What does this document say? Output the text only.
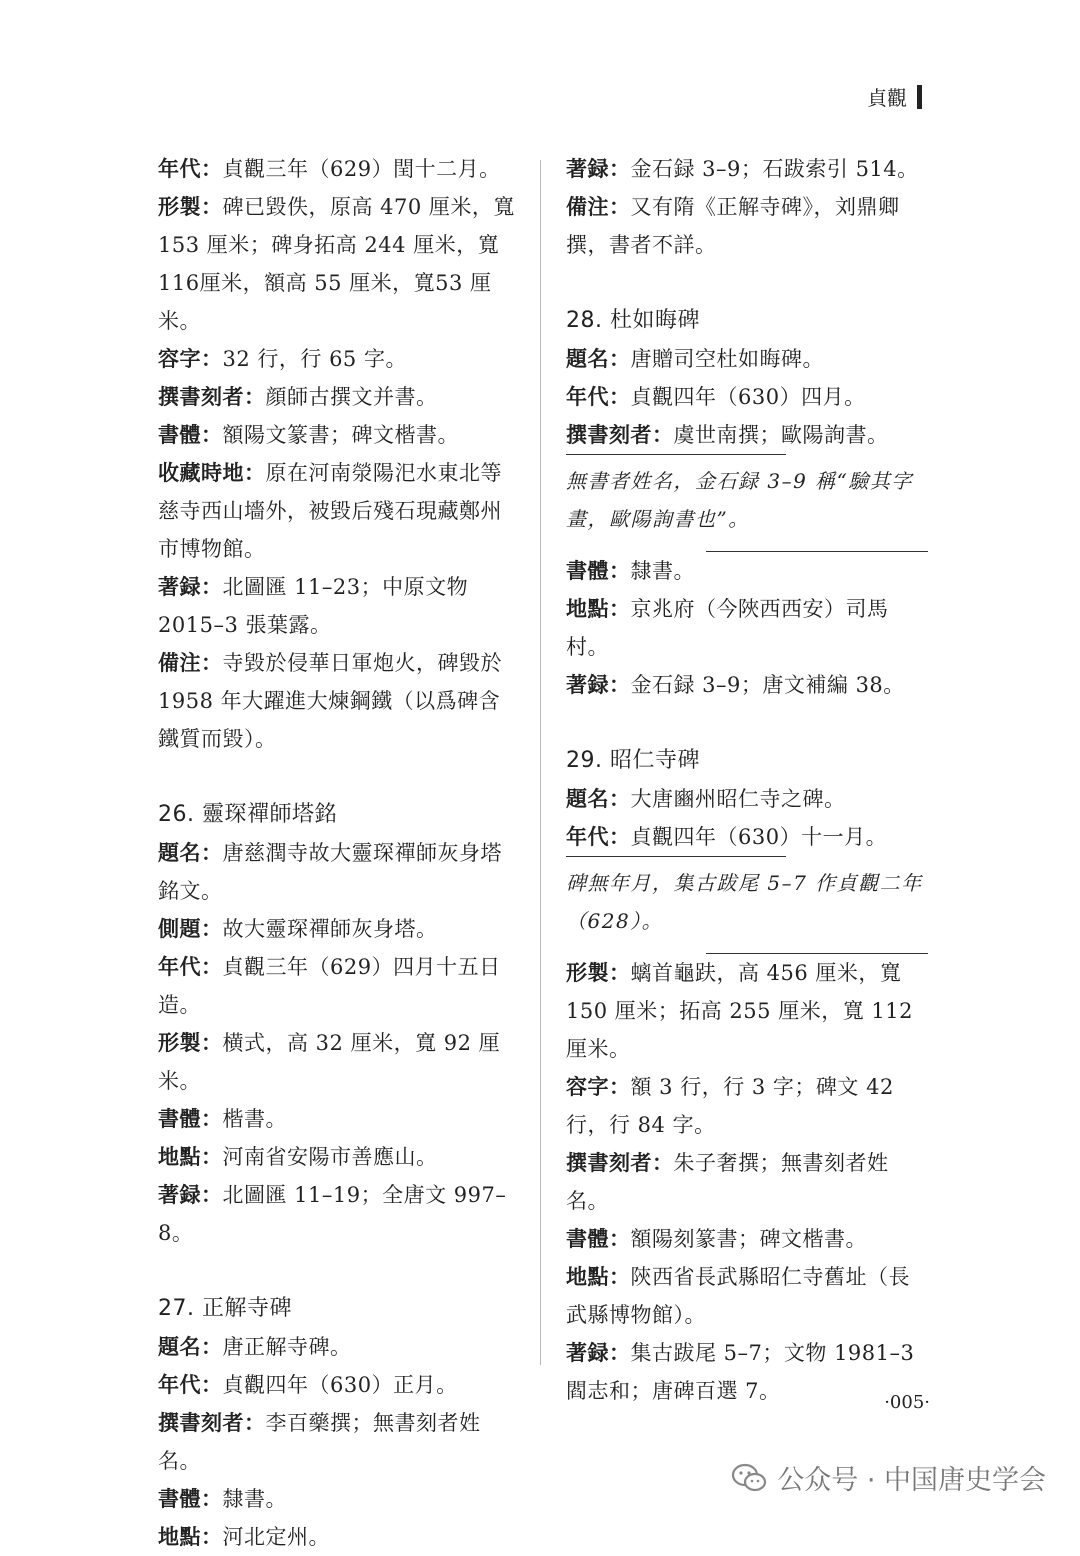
貞觀

年代：貞觀三年（629）閏十二月。

形製：碑已毀佚，原高 470 厘米，寬 153 厘米；碑身拓高 244 厘米，寬116厘米，額高 55 厘米，寬53 厘米。

容字：32 行，行 65 字。

撰書刻者：顔師古撰文并書。

書體：額陽文篆書；碑文楷書。

收藏時地：原在河南滎陽汜水東北等慈寺西山墻外，被毀后殘石現藏鄭州市博物館。

著録：北圖匯 11–23；中原文物 2015–3 張葉露。

備注：寺毀於侵華日軍炮火，碑毀於 1958 年大躍進大煉鋼鐵（以爲碑含鐵質而毀）。

26. 靈琛禪師塔銘

題名：唐慈潤寺故大靈琛禪師灰身塔銘文。

側題：故大靈琛禪師灰身塔。

年代：貞觀三年（629）四月十五日造。

形製：横式，高 32 厘米，寬 92 厘米。

書體：楷書。

地點：河南省安陽市善應山。

著録：北圖匯 11–19；全唐文 997–8。

27. 正解寺碑

題名：唐正解寺碑。

年代：貞觀四年（630）正月。

撰書刻者：李百藥撰；無書刻者姓名。

書體：隸書。

地點：河北定州。

著録：金石録 3–9；石跋索引 514。

備注：又有隋《正解寺碑》，刘鼎卿撰，書者不詳。

28. 杜如晦碑

題名：唐贈司空杜如晦碑。

年代：貞觀四年（630）四月。

撰書刻者：虞世南撰；歐陽詢書。

無書者姓名，金石録 3–9 稱“驗其字畫，歐陽詢書也”。

書體：隸書。

地點：京兆府（今陜西西安）司馬村。

著録：金石録 3–9；唐文補編 38。

29. 昭仁寺碑

題名：大唐豳州昭仁寺之碑。

年代：貞觀四年（630）十一月。

碑無年月，集古跋尾 5–7 作貞觀二年（628）。

形製：螭首龜趺，高 456 厘米，寬 150 厘米；拓高 255 厘米，寬 112 厘米。

容字：額 3 行，行 3 字；碑文 42 行，行 84 字。

撰書刻者：朱子奢撰；無書刻者姓名。

書體：額陽刻篆書；碑文楷書。

地點：陝西省長武縣昭仁寺舊址（長武縣博物館）。

著録：集古跋尾 5–7；文物 1981–3 閻志和；唐碑百選 7。	·005·
公众号 · 中国唐史学会
